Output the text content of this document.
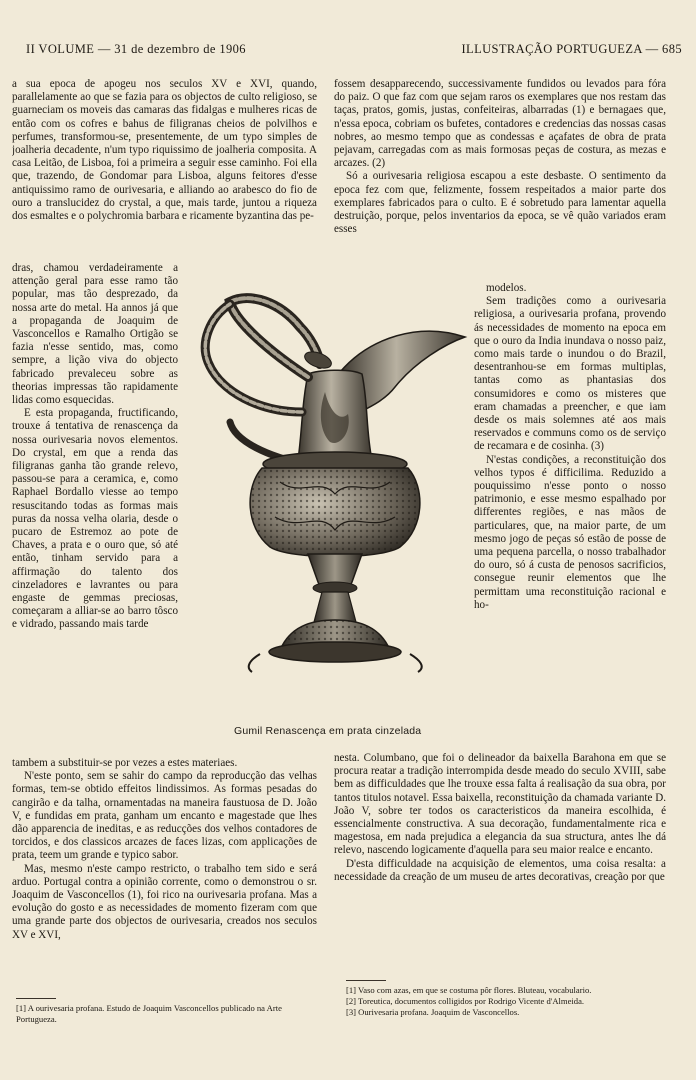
II VOLUME — 31 de dezembro de 1906	ILLUSTRAÇÃO PORTUGUEZA — 685

a sua epoca de apogeu nos seculos XV e XVI, quando, parallelamente ao que se fazia para os objectos de culto religioso, se guarneciam os moveis das camaras das fidalgas e mulheres ricas de então com os cofres e bahus de filigranas cheios de polvilhos e perfumes, transformou-se, presentemente, de um typo simples de joalheria decadente, n'um typo riquissimo de joalheria composita. A casa Leitão, de Lisboa, foi a primeira a seguir esse caminho. Foi ella que, trazendo, de Gondomar para Lisboa, alguns feitores d'esse antiquissimo ramo de ourivesaria, e alliando ao arabesco do fio de ouro a translucidez do crystal, a que, mais tarde, juntou a riqueza dos esmaltes e o polychromia barbara e ricamente byzantina das pe-

dras, chamou verdadeiramente a attenção geral para esse ramo tão popular, mas tão desprezado, da nossa arte do metal. Ha annos já que a propaganda de Joaquim de Vasconcellos e Ramalho Ortigão se fazia n'esse sentido, mas, como sempre, a lição viva do objecto fabricado prevaleceu sobre as theorias impressas tão rapidamente lidas como esquecidas.

E esta propaganda, fructificando, trouxe á tentativa de renascença da nossa ourivesaria novos elementos. Do crystal, em que a renda das filigranas ganha tão grande relevo, passou-se para a ceramica, e, como Raphael Bordallo viesse ao tempo resuscitando todas as formas mais puras da nossa velha olaria, desde o pucaro de Estremoz ao pote de Chaves, a prata e o ouro que, só até então, tinham servido para a affirmação do talento dos cinzeladores e lavrantes ou para engaste de gemmas preciosas, começaram a alliar-se ao barro tôsco e vidrado, passando mais tarde

tambem a substituir-se por vezes a estes materiaes.

N'este ponto, sem se sahir do campo da reproducção das velhas formas, tem-se obtido effeitos lindissimos. As formas pesadas do cangirão e da talha, ornamentadas na maneira faustuosa de D. João V, e fundidas em prata, ganham um encanto e magestade que lhes dão apparencia de ineditas, e as reducções dos velhos contadores de torcidos, e dos classicos arcazes de faces lizas, com applicações de prata, teem um grande e typico sabor.

Mas, mesmo n'este campo restricto, o trabalho tem sido e será arduo. Portugal contra a opinião corrente, como o demonstrou o sr. Joaquim de Vasconcellos (1), foi rico na ourivesaria profana. Mas a evolução do gosto e as necessidades de momento fizeram com que uma grande parte dos objectos de ourivesaria, creados nos seculos XV e XVI,

fossem desapparecendo, successivamente fundidos ou levados para fóra do paiz. O que faz com que sejam raros os exemplares que nos restam das taças, pratos, gomis, justas, confeiteiras, albarradas (1) e bernagaes que, n'essa epoca, cobriam os bufetes, contadores e credencias das nossas casas nobres, ao mesmo tempo que as condessas e açafates de obra de prata pejavam, carregadas com as mais formosas peças de costura, as mezas e arcazes. (2)

Só a ourivesaria religiosa escapou a este desbaste. O sentimento da epoca fez com que, felizmente, fossem respeitados a maior parte dos exemplares fabricados para o culto. E é sobretudo para lamentar aquella destruição, porque, pelos inventarios da epoca, se vê quão variados eram esses

modelos.

Sem tradições como a ourivesaria religiosa, a ourivesaria profana, provendo ás necessidades de momento na epoca em que o ouro da India inundava o nosso paiz, como mais tarde o inundou o do Brazil, desentranhou-se em formas multiplas, tantas como as phantasias dos consumidores e como os misteres que eram chamadas a preencher, e que iam desde os mais solemnes até aos mais reservados e communs como os de serviço de recamara e de cosinha. (3)

N'estas condições, a reconstituição dos velhos typos é difficilima. Reduzido a pouquissimo n'esse ponto o nosso patrimonio, e esse mesmo espalhado por differentes regiões, e nas mãos de particulares, que, na maior parte, de um mesmo jogo de peças só estão de posse de uma pequena parcella, o nosso trabalhador do ouro, só á custa de penosos sacrificios, consegue reunir elementos que lhe permittam uma reconstituição racional e ho-

nesta. Columbano, que foi o delineador da baixella Barahona em que se procura reatar a tradição interrompida desde meado do seculo XVIII, sabe bem as difficuldades que lhe trouxe essa falta á realisação da sua obra, por tantos titulos notavel. Essa baixella, reconstituição da chamada variante D. João V, sobre ter todos os caracteristicos da maneira escolhida, é essencialmente constructiva. A sua decoração, fundamentalmente rica e magestosa, em nada prejudica a elegancia da sua structura, antes lhe dá relevo, nascendo logicamente d'aquella para seu maior realce e encanto.

D'esta difficuldade na acquisição de elementos, uma coisa resalta: a necessidade da creação de um museu de artes decorativas, creação por que

Gumil Renascença em prata cinzelada
[1] A ourivesaria profana. Estudo de Joaquim Vasconcellos publicado na Arte Portugueza.
[1] Vaso com azas, em que se costuma pôr flores. Bluteau, vocabulario.
[2] Toreutica, documentos colligidos por Rodrigo Vicente d'Almeida.
[3] Ourivesaria profana. Joaquim de Vasconcellos.
